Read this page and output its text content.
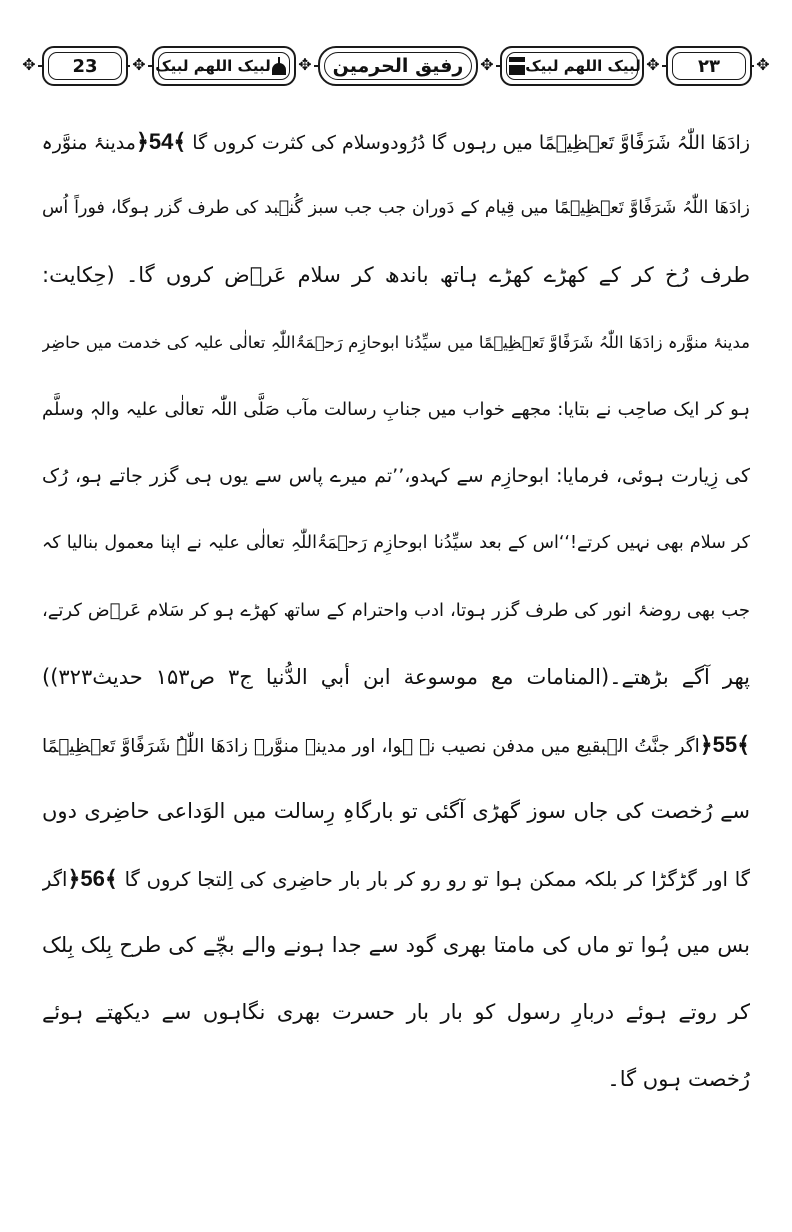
✥ 23 ✥ لبیک اللھم لبیک	✥ رفیق الحرمین ✥	لبیک اللھم لبیک ✥ ۲۳ ✥
زادَھَا اللّٰہُ شَرَفًاوَّ تَعۡظِیۡمًا میں رہوں گا دُرُودوسلام کی کثرت کروں گا ﴿54﴾مدینۂ منوَّرہ
زادَھَا اللّٰہُ شَرَفًاوَّ تَعۡظِیۡمًا میں قِیام کے دَوران جب جب سبز گُنۡبد کی طرف گزر ہوگا، فوراً اُس
طرف رُخ کر کے کھڑے کھڑے ہاتھ باندھ کر سلام عَرۡض کروں گا۔ (حِکایت:
مدینۂ منوَّرہ زادَھَا اللّٰہُ شَرَفًاوَّ تَعۡظِیۡمًا میں سیِّدُنا ابوحازِم رَحۡمَۃُاللّٰہِ تعالٰی علیہ کی خدمت میں حاضِر
ہو کر ایک صاحِب نے بتایا: مجھے خواب میں جنابِ رسالت مآب صَلَّی اللّٰہ تعالٰی علیہ والہٖ وسلَّم
کی زِیارت ہوئی، فرمایا: ابوحازِم سے کہدو،’’تم میرے پاس سے یوں ہی گزر جاتے ہو، رُک
کر سلام بھی نہیں کرتے!‘‘اس کے بعد سیِّدُنا ابوحازِم رَحۡمَۃُاللّٰہِ تعالٰی علیہ نے اپنا معمول بنالیا کہ
جب بھی روضۂ انور کی طرف گزر ہوتا، ادب واحترام کے ساتھ کھڑے ہو کر سَلام عَرۡض کرتے،
پھر آگے بڑھتے۔(المنامات مع موسوعة ابن أبي الدُّنيا ج۳ ص۱۵۳ حدیث۳۲۳))
﴿55﴾اگر جنَّتُ الۡبقیع میں مدفن نصیب نہ ہوا، اور مدینۂ منوَّرہ زادَھَا اللّٰہُ شَرَفًاوَّ تَعۡظِیۡمًا
سے رُخصت کی جاں سوز گھڑی آگئی تو بارگاہِ رِسالت میں الوَداعی حاضِری دوں
گا اور گڑگڑا کر بلکہ ممکن ہوا تو رو رو کر بار بار حاضِری کی اِلتجا کروں گا ﴿56﴾اگر
بس میں ہُوا تو ماں کی مامتا بھری گود سے جدا ہونے والے بچّے کی طرح بِلک بِلک
کر روتے ہوئے دربارِ رسول کو بار بار حسرت بھری نگاہوں سے دیکھتے ہوئے
رُخصت ہوں گا۔
